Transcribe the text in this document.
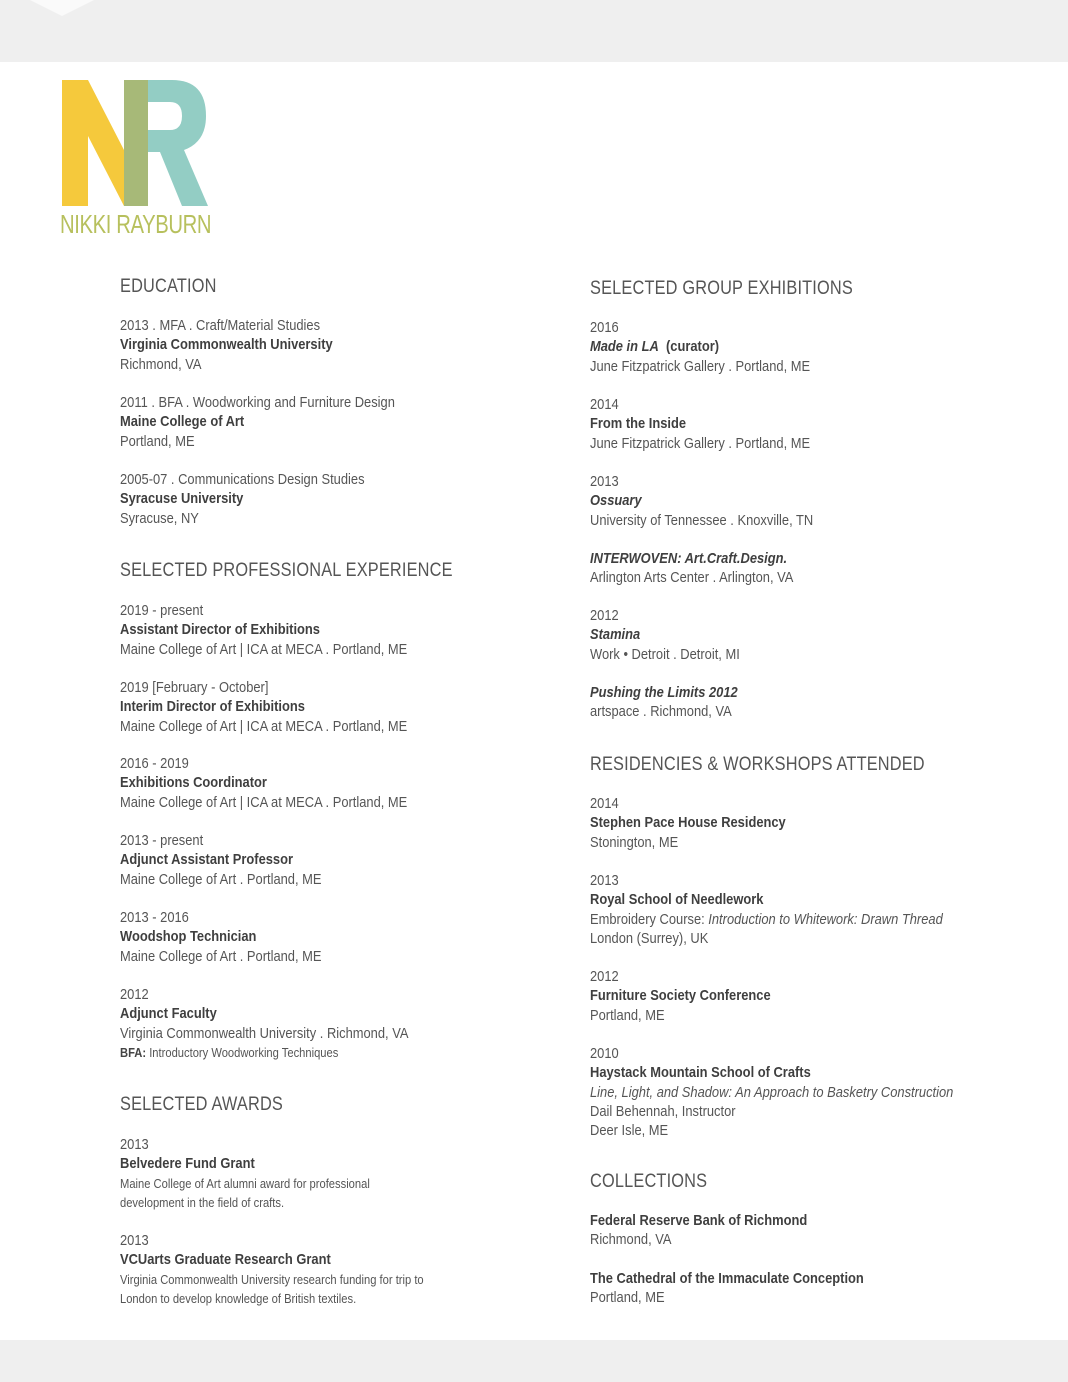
NIKKI RAYBURN
EDUCATION
2013 . MFA . Craft/Material Studies
Virginia Commonwealth University
Richmond, VA
2011 . BFA . Woodworking and Furniture Design
Maine College of Art
Portland, ME
2005-07 . Communications Design Studies
Syracuse University
Syracuse, NY
SELECTED PROFESSIONAL EXPERIENCE
2019 - present
Assistant Director of Exhibitions
Maine College of Art | ICA at MECA . Portland, ME
2019 [February - October]
Interim Director of Exhibitions
Maine College of Art | ICA at MECA . Portland, ME
2016 - 2019
Exhibitions Coordinator
Maine College of Art | ICA at MECA . Portland, ME
2013 - present
Adjunct Assistant Professor
Maine College of Art . Portland, ME
2013 - 2016
Woodshop Technician
Maine College of Art . Portland, ME
2012
Adjunct Faculty
Virginia Commonwealth University . Richmond, VA
BFA: Introductory Woodworking Techniques
SELECTED AWARDS
2013
Belvedere Fund Grant
Maine College of Art alumni award for professional
development in the field of crafts.
2013
VCUarts Graduate Research Grant
Virginia Commonwealth University research funding for trip to
London to develop knowledge of British textiles.
SELECTED GROUP EXHIBITIONS
2016
Made in LA  (curator)
June Fitzpatrick Gallery . Portland, ME
2014
From the Inside
June Fitzpatrick Gallery . Portland, ME
2013
Ossuary
University of Tennessee . Knoxville, TN
INTERWOVEN: Art.Craft.Design.
Arlington Arts Center . Arlington, VA
2012
Stamina
Work • Detroit . Detroit, MI
Pushing the Limits 2012
artspace . Richmond, VA
RESIDENCIES & WORKSHOPS ATTENDED
2014
Stephen Pace House Residency
Stonington, ME
2013
Royal School of Needlework
Embroidery Course: Introduction to Whitework: Drawn Thread
London (Surrey), UK
2012
Furniture Society Conference
Portland, ME
2010
Haystack Mountain School of Crafts
Line, Light, and Shadow: An Approach to Basketry Construction
Dail Behennah, Instructor
Deer Isle, ME
COLLECTIONS
Federal Reserve Bank of Richmond
Richmond, VA
The Cathedral of the Immaculate Conception
Portland, ME
